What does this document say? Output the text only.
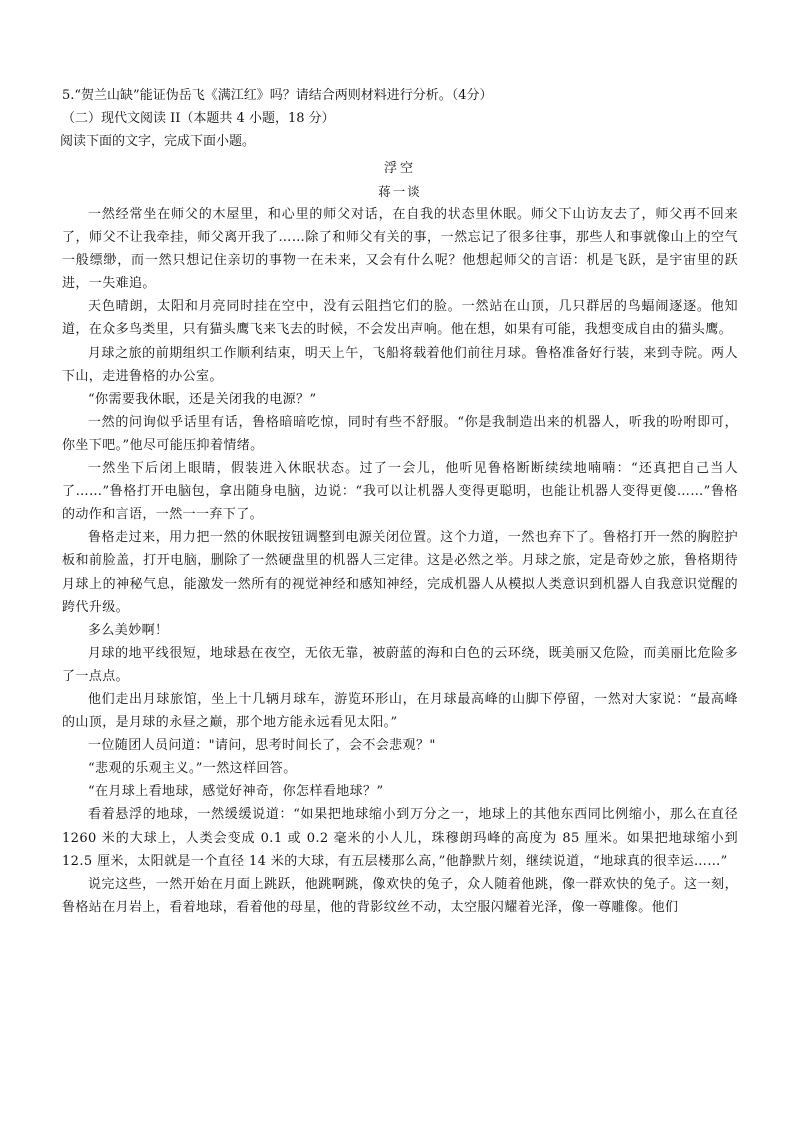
5.“贺兰山缺”能证伪岳飞《满江红》吗？请结合两则材料进行分析。（4分）

（二）现代文阅读 II（本题共 4 小题，18 分）

阅读下面的文字，完成下面小题。

浮空

蒋一谈

一然经常坐在师父的木屋里，和心里的师父对话，在自我的状态里休眠。师父下山访友去了，师父再不回来了，师父不让我牵挂，师父离开我了……除了和师父有关的事，一然忘记了很多往事，那些人和事就像山上的空气一般缥缈，而一然只想记住亲切的事物一在未来，又会有什么呢？他想起师父的言语：机是飞跃，是宇宙里的跃进，一失难追。

天色晴朗，太阳和月亮同时挂在空中，没有云阻挡它们的脸。一然站在山顶，几只群居的鸟蝠闹逐逐。他知道，在众多鸟类里，只有猫头鹰飞来飞去的时候，不会发出声响。他在想，如果有可能，我想变成自由的猫头鹰。

月球之旅的前期组织工作顺利结束，明天上午，飞船将载着他们前往月球。鲁格准备好行装，来到寺院。两人下山，走进鲁格的办公室。

“你需要我休眠，还是关闭我的电源？”

一然的问询似乎话里有话，鲁格暗暗吃惊，同时有些不舒服。“你是我制造出来的机器人，听我的吩咐即可，你坐下吧。”他尽可能压抑着情绪。

一然坐下后闭上眼睛，假装进入休眠状态。过了一会儿，他听见鲁格断断续续地喃喃：“还真把自己当人了……”鲁格打开电脑包，拿出随身电脑，边说：“我可以让机器人变得更聪明，也能让机器人变得更傻……”鲁格的动作和言语，一然一一弃下了。

鲁格走过来，用力把一然的休眠按钮调整到电源关闭位置。这个力道，一然也弃下了。鲁格打开一然的胸腔护板和前脸盖，打开电脑，删除了一然硬盘里的机器人三定律。这是必然之举。月球之旅，定是奇妙之旅，鲁格期待月球上的神秘气息，能激发一然所有的视觉神经和感知神经，完成机器人从模拟人类意识到机器人自我意识觉醒的跨代升级。

多么美妙啊！

月球的地平线很短，地球悬在夜空，无依无靠，被蔚蓝的海和白色的云环绕，既美丽又危险，而美丽比危险多了一点点。

他们走出月球旅馆，坐上十几辆月球车，游览环形山，在月球最高峰的山脚下停留，一然对大家说：“最高峰的山顶，是月球的永昼之巅，那个地方能永远看见太阳。”

一位随团人员问道："请问，思考时间长了，会不会悲观？"

“悲观的乐观主义。”一然这样回答。

“在月球上看地球，感觉好神奇，你怎样看地球？”

看着悬浮的地球，一然缓缓说道：“如果把地球缩小到万分之一，地球上的其他东西同比例缩小，那么在直径 1260 米的大球上，人类会变成 0.1 或 0.2 毫米的小人儿，珠穆朗玛峰的高度为 85 厘米。如果把地球缩小到 12.5 厘米，太阳就是一个直径 14 米的大球，有五层楼那么高，”他静默片刻，继续说道，“地球真的很幸运……”

说完这些，一然开始在月面上跳跃，他跳啊跳，像欢快的兔子，众人随着他跳，像一群欢快的兔子。这一刻，鲁格站在月岩上，看着地球，看着他的母星，他的背影纹丝不动，太空服闪耀着光泽，像一尊雕像。他们
